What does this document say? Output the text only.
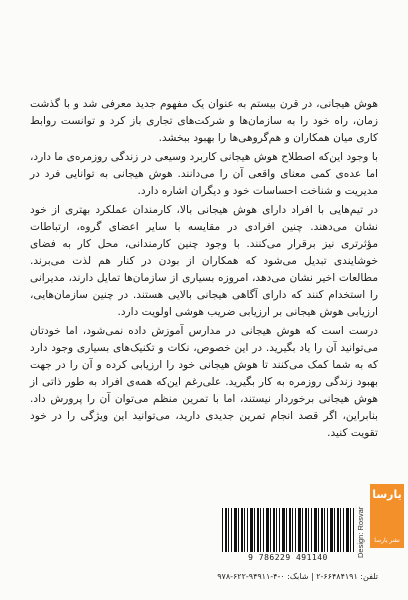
هوش هیجانی، در قرن بیستم به عنوان یک مفهوم جدید معرفی شد و با گذشت زمان، راه خود را به سازمان‌ها و شرکت‌های تجاری باز کرد و توانست روابط کاری میان همکاران و هم‌گروهی‌ها را بهبود ببخشد.

با وجود این‌که اصطلاح هوش هیجانی کاربرد وسیعی در زندگی روزمره‌ی ما دارد، اما عده‌ی کمی معنای واقعی آن را می‌دانند. هوش هیجانی به توانایی فرد در مدیریت و شناخت احساسات خود و دیگران اشاره دارد.

در تیم‌هایی با افراد دارای هوش هیجانی بالا، کارمندان عملکرد بهتری از خود نشان می‌دهند. چنین افرادی در مقایسه با سایر اعضای گروه، ارتباطات مؤثرتری نیز برقرار می‌کنند. با وجود چنین کارمندانی، محل کار به فضای خوشایندی تبدیل می‌شود که همکاران از بودن در کنار هم لذت می‌برند. مطالعات اخیر نشان می‌دهد، امروزه بسیاری از سازمان‌ها تمایل دارند، مدیرانی را استخدام کنند که دارای آگاهی هیجانی بالایی هستند. در چنین سازمان‌هایی، ارزیابی هوش هیجانی بر ارزیابی ضریب هوشی اولویت دارد.

درست است که هوش هیجانی در مدارس آموزش داده نمی‌شود، اما خودتان می‌توانید آن را یاد بگیرید. در این خصوص، نکات و تکنیک‌های بسیاری وجود دارد که به شما کمک می‌کنند تا هوش هیجانی خود را ارزیابی کرده و آن را در جهت بهبود زندگی روزمره به کار بگیرید. علی‌رغم این‌که همه‌ی افراد به طور ذاتی از هوش هیجانی برخوردار نیستند، اما با تمرین منظم می‌توان آن را پرورش داد. بنابراین، اگر قصد انجام تمرین جدیدی دارید، می‌توانید این ویژگی را در خود تقویت کنید.

9 786229 491140	Design: Rosvar
یارسا
نشر یارسا
تلفن: ۶۶۴۸۴۱۹۱-۲ | شابک: ۰-۴-۹۴۹۱۱-۶۲۲-۹۷۸
